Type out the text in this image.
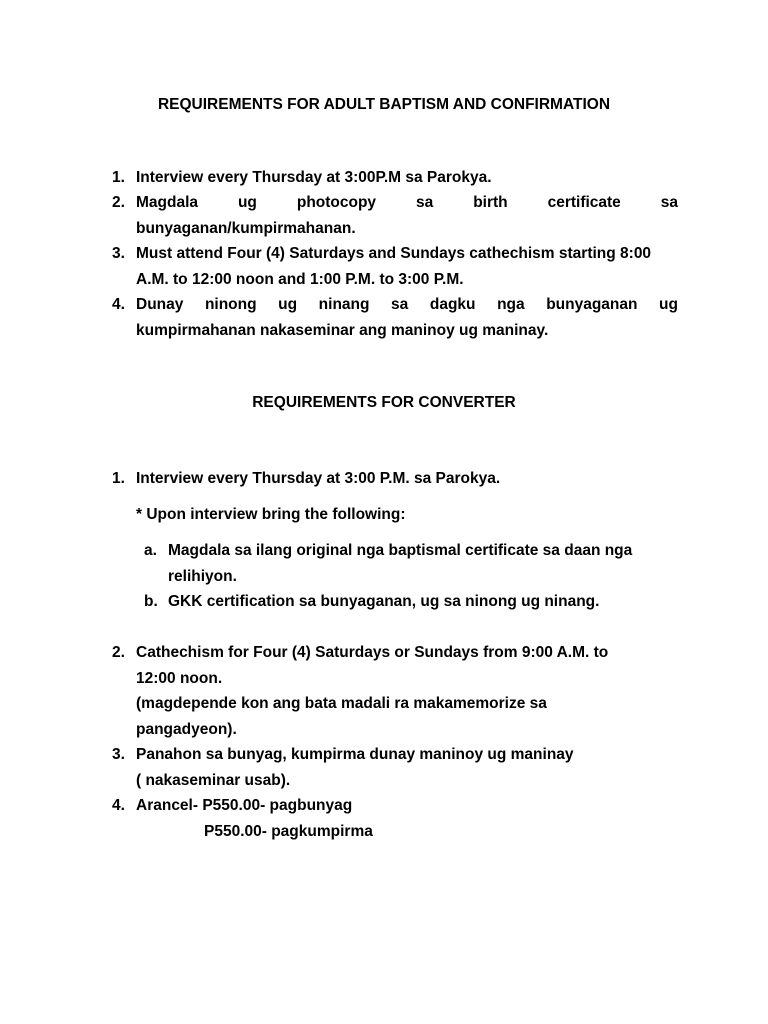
REQUIREMENTS FOR ADULT BAPTISM AND CONFIRMATION
1. Interview every Thursday at 3:00P.M sa Parokya.
2. Magdala ug photocopy sa birth certificate sa
bunyaganan/kumpirmahanan.
3. Must attend Four (4) Saturdays and Sundays cathechism starting 8:00
A.M. to 12:00 noon and 1:00 P.M. to 3:00 P.M.
4. Dunay ninong ug ninang sa dagku nga bunyaganan ug
kumpirmahanan nakaseminar ang maninoy ug maninay.
REQUIREMENTS FOR CONVERTER
1. Interview every Thursday at 3:00 P.M. sa Parokya.
* Upon interview bring the following:
a. Magdala sa ilang original nga baptismal certificate sa daan nga
relihiyon.
b. GKK certification sa bunyaganan, ug sa ninong ug ninang.
2. Cathechism for Four (4) Saturdays or Sundays from 9:00 A.M. to
12:00 noon.
(magdepende kon ang bata madali ra makamemorize sa
pangadyeon).
3. Panahon sa bunyag, kumpirma dunay maninoy ug maninay
( nakaseminar usab).
4. Arancel- P550.00- pagbunyag
P550.00- pagkumpirma
